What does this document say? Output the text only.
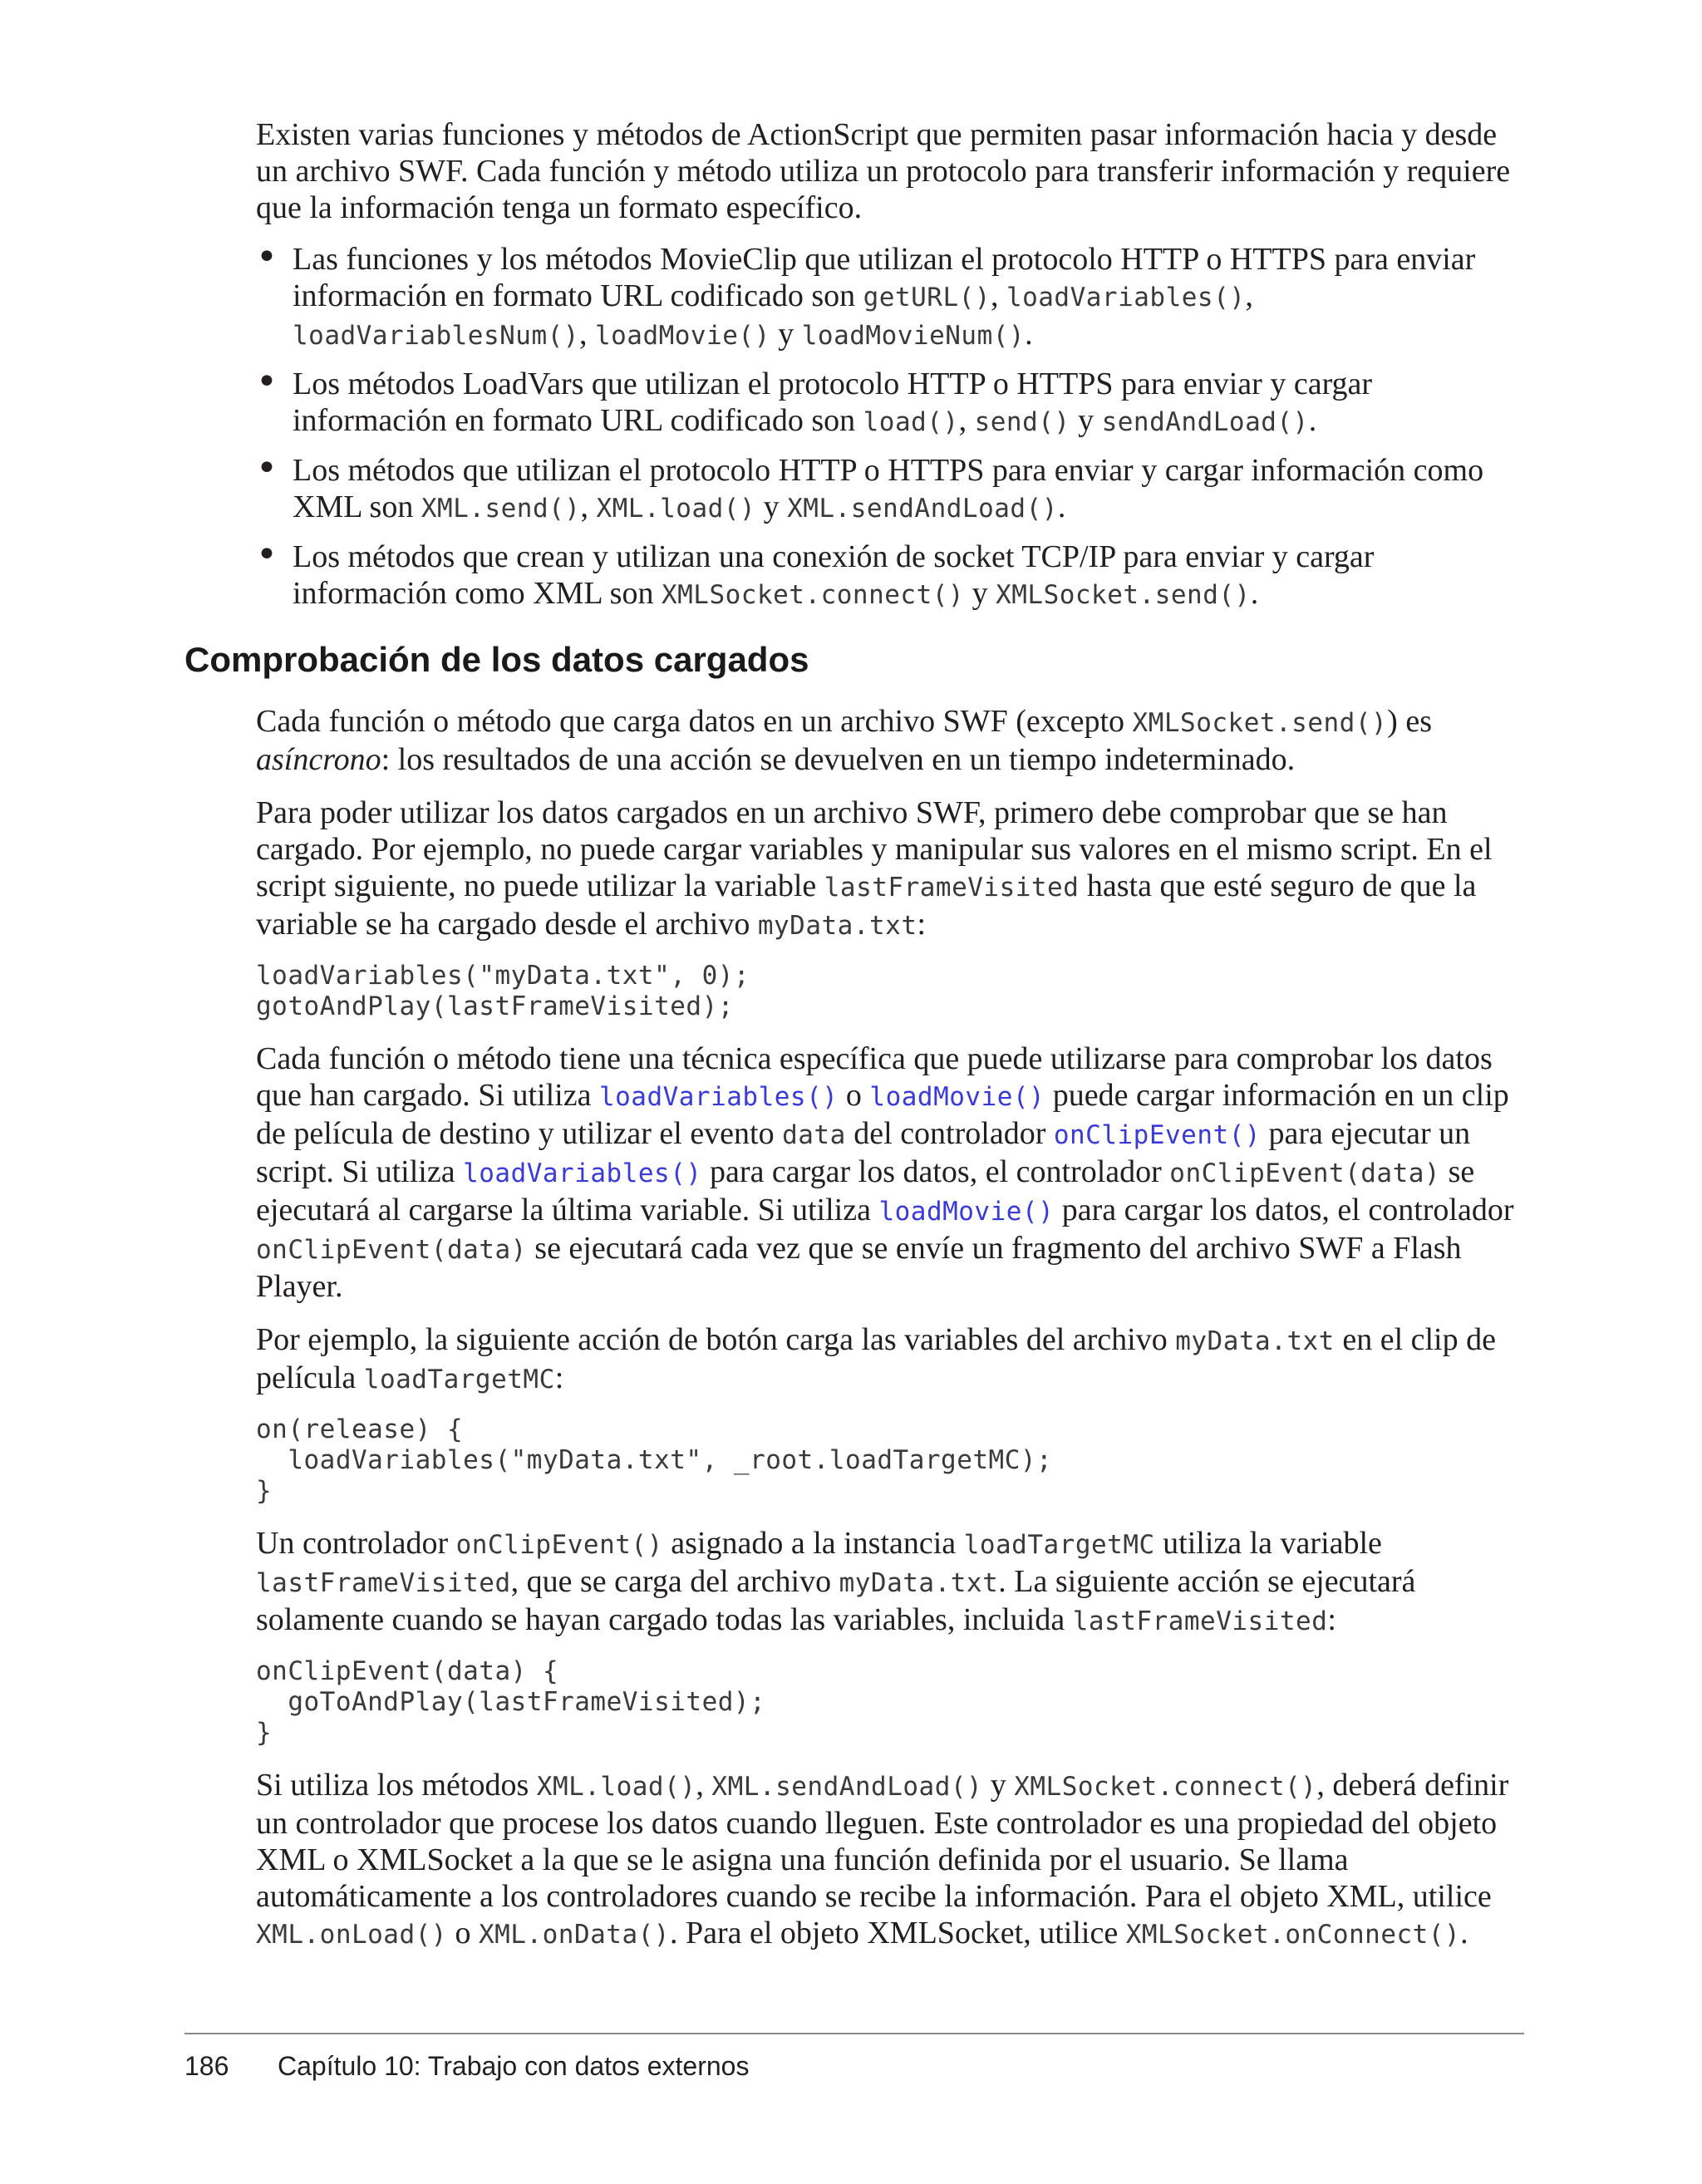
Existen varias funciones y métodos de ActionScript que permiten pasar información hacia y desde un archivo SWF. Cada función y método utiliza un protocolo para transferir información y requiere que la información tenga un formato específico.

• Las funciones y los métodos MovieClip que utilizan el protocolo HTTP o HTTPS para enviar información en formato URL codificado son getURL(), loadVariables(), loadVariablesNum(), loadMovie() y loadMovieNum().
• Los métodos LoadVars que utilizan el protocolo HTTP o HTTPS para enviar y cargar información en formato URL codificado son load(), send() y sendAndLoad().
• Los métodos que utilizan el protocolo HTTP o HTTPS para enviar y cargar información como XML son XML.send(), XML.load() y XML.sendAndLoad().
• Los métodos que crean y utilizan una conexión de socket TCP/IP para enviar y cargar información como XML son XMLSocket.connect() y XMLSocket.send().
Comprobación de los datos cargados

Cada función o método que carga datos en un archivo SWF (excepto XMLSocket.send()) es asíncrono: los resultados de una acción se devuelven en un tiempo indeterminado.

Para poder utilizar los datos cargados en un archivo SWF, primero debe comprobar que se han cargado. Por ejemplo, no puede cargar variables y manipular sus valores en el mismo script. En el script siguiente, no puede utilizar la variable lastFrameVisited hasta que esté seguro de que la variable se ha cargado desde el archivo myData.txt:

loadVariables("myData.txt", 0);
gotoAndPlay(lastFrameVisited);

Cada función o método tiene una técnica específica que puede utilizarse para comprobar los datos que han cargado. Si utiliza loadVariables() o loadMovie() puede cargar información en un clip de película de destino y utilizar el evento data del controlador onClipEvent() para ejecutar un script. Si utiliza loadVariables() para cargar los datos, el controlador onClipEvent(data) se ejecutará al cargarse la última variable. Si utiliza loadMovie() para cargar los datos, el controlador onClipEvent(data) se ejecutará cada vez que se envíe un fragmento del archivo SWF a Flash Player.

Por ejemplo, la siguiente acción de botón carga las variables del archivo myData.txt en el clip de película loadTargetMC:

on(release) {
loadVariables("myData.txt", _root.loadTargetMC);
}

Un controlador onClipEvent() asignado a la instancia loadTargetMC utiliza la variable lastFrameVisited, que se carga del archivo myData.txt. La siguiente acción se ejecutará solamente cuando se hayan cargado todas las variables, incluida lastFrameVisited:

onClipEvent(data) {
goToAndPlay(lastFrameVisited);
}

Si utiliza los métodos XML.load(), XML.sendAndLoad() y XMLSocket.connect(), deberá definir un controlador que procese los datos cuando lleguen. Este controlador es una propiedad del objeto XML o XMLSocket a la que se le asigna una función definida por el usuario. Se llama automáticamente a los controladores cuando se recibe la información. Para el objeto XML, utilice XML.onLoad() o XML.onData(). Para el objeto XMLSocket, utilice XMLSocket.onConnect().

186 Capítulo 10: Trabajo con datos externos
